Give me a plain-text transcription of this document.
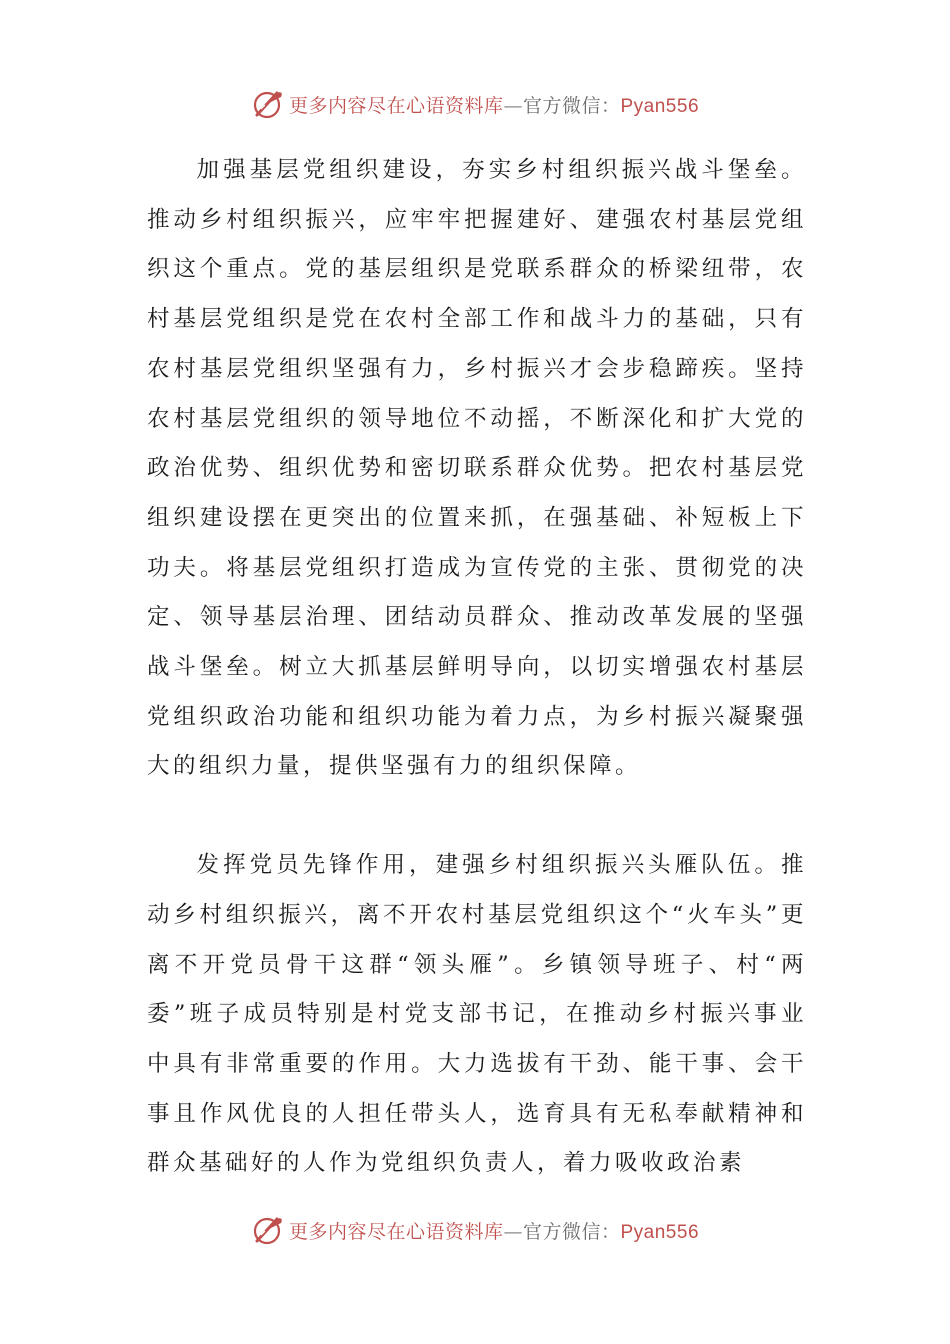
更多内容尽在心语资料库—官方微信：Pyan556

加强基层党组织建设，夯实乡村组织振兴战斗堡垒。推动乡村组织振兴，应牢牢把握建好、建强农村基层党组织这个重点。党的基层组织是党联系群众的桥梁纽带，农村基层党组织是党在农村全部工作和战斗力的基础，只有农村基层党组织坚强有力，乡村振兴才会步稳蹄疾。坚持农村基层党组织的领导地位不动摇，不断深化和扩大党的政治优势、组织优势和密切联系群众优势。把农村基层党组织建设摆在更突出的位置来抓，在强基础、补短板上下功夫。将基层党组织打造成为宣传党的主张、贯彻党的决定、领导基层治理、团结动员群众、推动改革发展的坚强战斗堡垒。树立大抓基层鲜明导向，以切实增强农村基层党组织政治功能和组织功能为着力点，为乡村振兴凝聚强大的组织力量，提供坚强有力的组织保障。

发挥党员先锋作用，建强乡村组织振兴头雁队伍。推动乡村组织振兴，离不开农村基层党组织这个“火车头”更离不开党员骨干这群“领头雁”。乡镇领导班子、村“两委”班子成员特别是村党支部书记，在推动乡村振兴事业中具有非常重要的作用。大力选拔有干劲、能干事、会干事且作风优良的人担任带头人，选育具有无私奉献精神和群众基础好的人作为党组织负责人，着力吸收政治素

更多内容尽在心语资料库—官方微信：Pyan556
